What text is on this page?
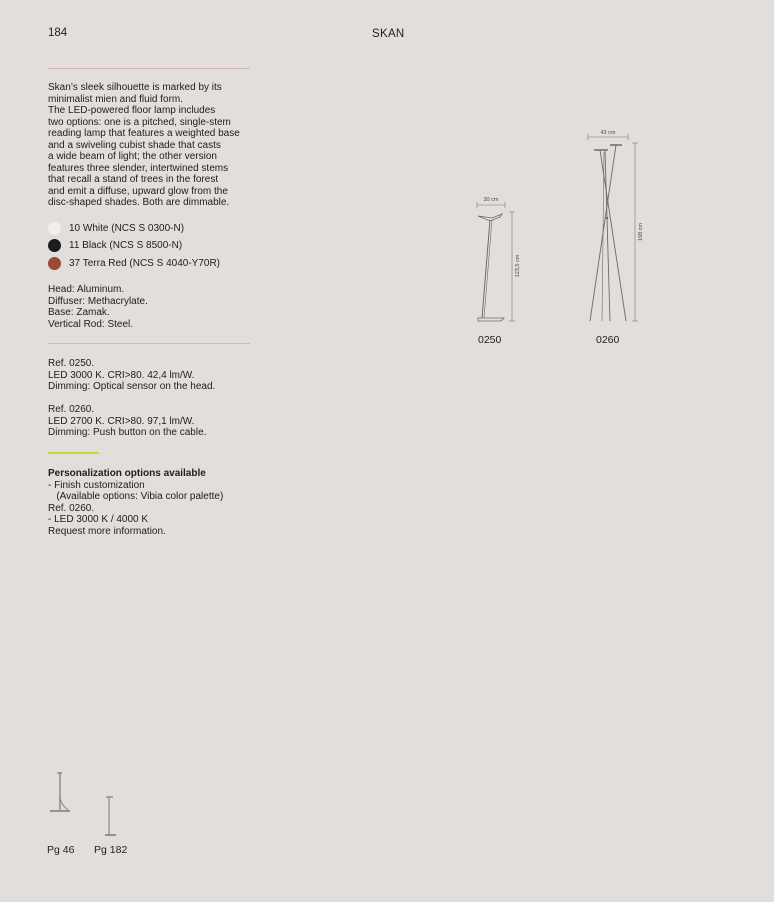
184	SKAN
Skan’s sleek silhouette is marked by its
minimalist mien and fluid form.
The LED-powered floor lamp includes
two options: one is a pitched, single-stem
reading lamp that features a weighted base
and a swiveling cubist shade that casts
a wide beam of light; the other version
features three slender, intertwined stems
that recall a stand of trees in the forest
and emit a diffuse, upward glow from the
disc-shaped shades. Both are dimmable.
10 White (NCS S 0300-N)
11 Black (NCS S 8500-N)
37 Terra Red (NCS S 4040-Y70R)
Head: Aluminum.
Diffuser: Methacrylate.
Base: Zamak.
Vertical Rod: Steel.
Ref. 0250.
LED 3000 K. CRI>80. 42,4 lm/W.
Dimming: Optical sensor on the head.
Ref. 0260.
LED 2700 K. CRI>80. 97,1 lm/W.
Dimming: Push button on the cable.
Personalization options available
- Finish customization
(Available options: Vibia color palette)
Ref. 0260.
- LED 3000 K / 4000 K
Request more information.
30 cm
123,5 cm
43 cm
198 cm
0250	0260
Pg 46 Pg 182
